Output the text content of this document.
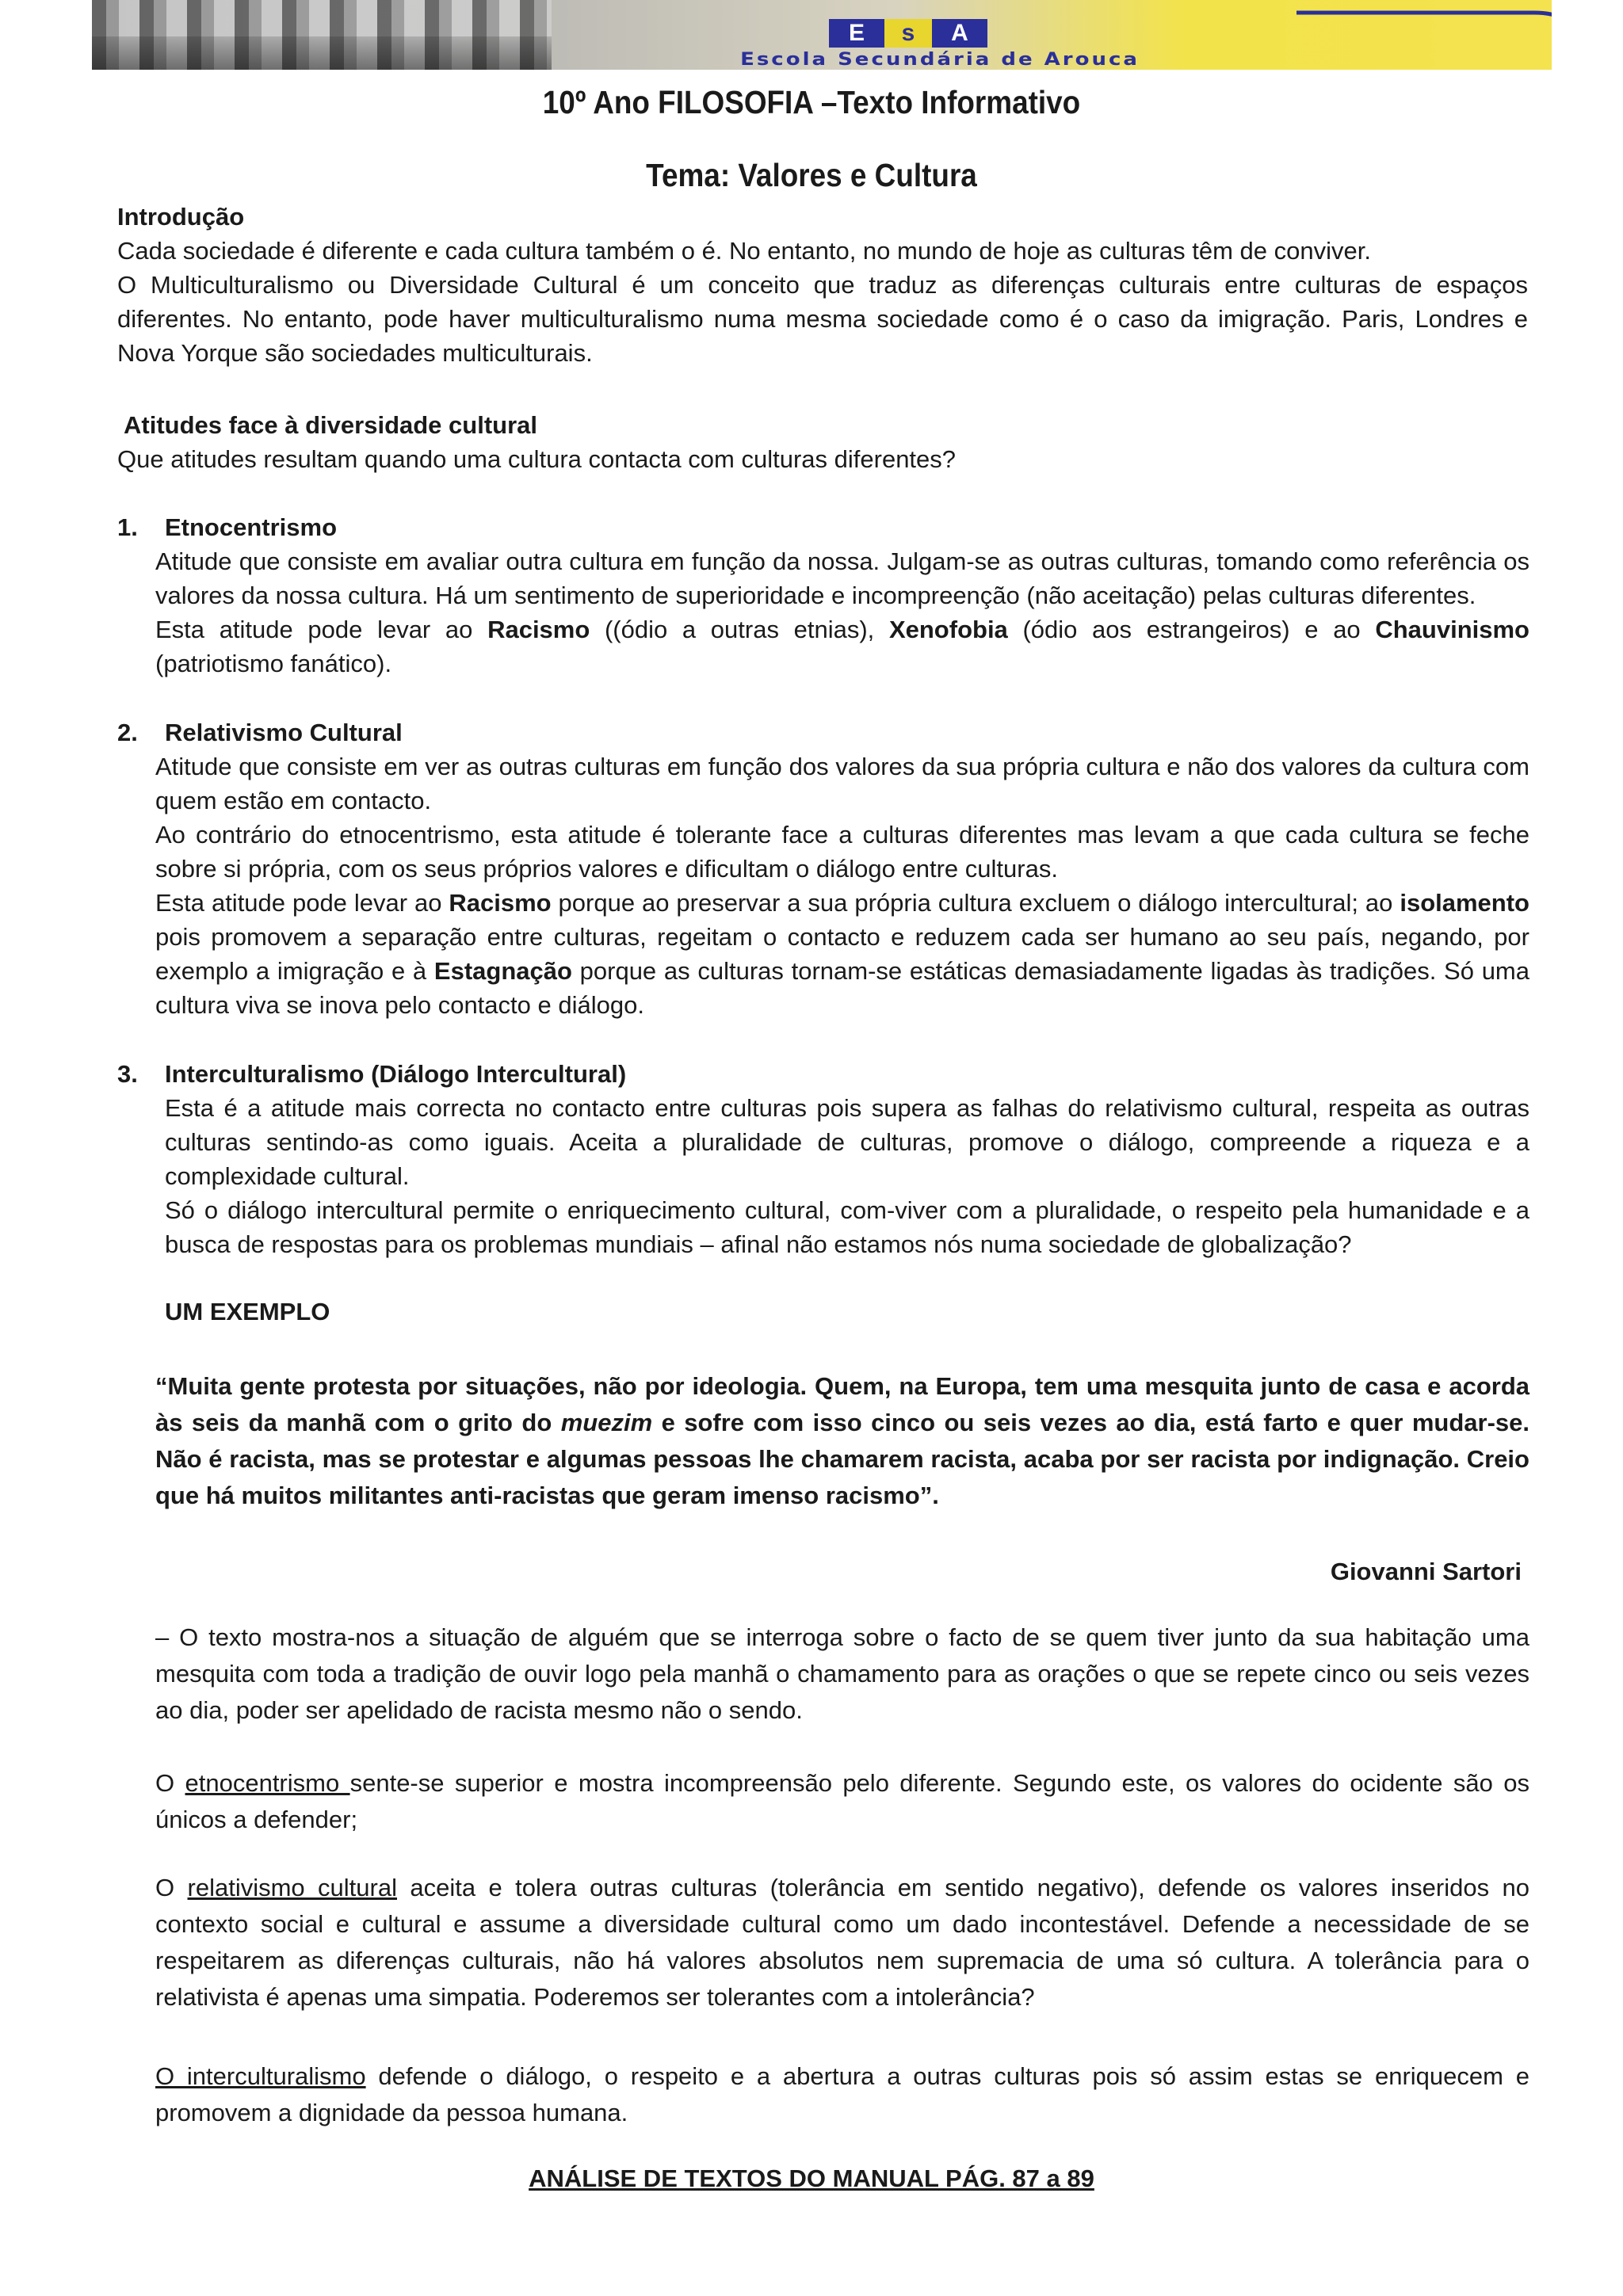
E	s	A
Escola Secundária de Arouca
10º Ano FILOSOFIA –Texto Informativo
Tema: Valores e Cultura

Introdução

Cada sociedade é diferente e cada cultura também o é. No entanto, no mundo de hoje as culturas têm de conviver.

O Multiculturalismo ou Diversidade Cultural é um conceito que traduz as diferenças culturais entre culturas de espaços diferentes. No entanto, pode haver multiculturalismo numa mesma sociedade como é o caso da imigração. Paris, Londres e Nova Yorque são sociedades multiculturais.

Atitudes face à diversidade cultural

Que atitudes resultam quando uma cultura contacta com culturas diferentes?

1. Etnocentrismo

Atitude que consiste em avaliar outra cultura em função da nossa. Julgam-se as outras culturas, tomando como referência os valores da nossa cultura. Há um sentimento de superioridade e incompreenção (não aceitação) pelas culturas diferentes.

Esta atitude pode levar ao Racismo ((ódio a outras etnias), Xenofobia (ódio aos estrangeiros) e ao Chauvinismo (patriotismo fanático).

2. Relativismo Cultural

Atitude que consiste em ver as outras culturas em função dos valores da sua própria cultura e não dos valores da cultura com quem estão em contacto.

Ao contrário do etnocentrismo, esta atitude é tolerante face a culturas diferentes mas levam a que cada cultura se feche sobre si própria, com os seus próprios valores e dificultam o diálogo entre culturas.

Esta atitude pode levar ao Racismo porque ao preservar a sua própria cultura excluem o diálogo intercultural; ao isolamento pois promovem a separação entre culturas, regeitam o contacto e reduzem cada ser humano ao seu país, negando, por exemplo a imigração e à Estagnação porque as culturas tornam-se estáticas demasiadamente ligadas às tradições. Só uma cultura viva se inova pelo contacto e diálogo.

3. Interculturalismo (Diálogo Intercultural)

Esta é a atitude mais correcta no contacto entre culturas pois supera as falhas do relativismo cultural, respeita as outras culturas sentindo-as como iguais. Aceita a pluralidade de culturas, promove o diálogo, compreende a riqueza e a complexidade cultural.

Só o diálogo intercultural permite o enriquecimento cultural, com-viver com a pluralidade, o respeito pela humanidade e a busca de respostas para os problemas mundiais – afinal não estamos nós numa sociedade de globalização?

UM EXEMPLO

“Muita gente protesta por situações, não por ideologia. Quem, na Europa, tem uma mesquita junto de casa e acorda às seis da manhã com o grito do muezim e sofre com isso cinco ou seis vezes ao dia, está farto e quer mudar-se. Não é racista, mas se protestar e algumas pessoas lhe chamarem racista, acaba por ser racista por indignação. Creio que há muitos militantes anti-racistas que geram imenso racismo”.

Giovanni Sartori

– O texto mostra-nos a situação de alguém que se interroga sobre o facto de se quem tiver junto da sua habitação uma mesquita com toda a tradição de ouvir logo pela manhã o chamamento para as orações o que se repete cinco ou seis vezes ao dia, poder ser apelidado de racista mesmo não o sendo.

O etnocentrismo sente-se superior e mostra incompreensão pelo diferente. Segundo este, os valores do ocidente são os únicos a defender;

O relativismo cultural aceita e tolera outras culturas (tolerância em sentido negativo), defende os valores inseridos no contexto social e cultural e assume a diversidade cultural como um dado incontestável. Defende a necessidade de se respeitarem as diferenças culturais, não há valores absolutos nem supremacia de uma só cultura. A tolerância para o relativista é apenas uma simpatia. Poderemos ser tolerantes com a intolerância?

O interculturalismo defende o diálogo, o respeito e a abertura a outras culturas pois só assim estas se enriquecem e promovem a dignidade da pessoa humana.

ANÁLISE DE TEXTOS DO MANUAL PÁG. 87 a 89
